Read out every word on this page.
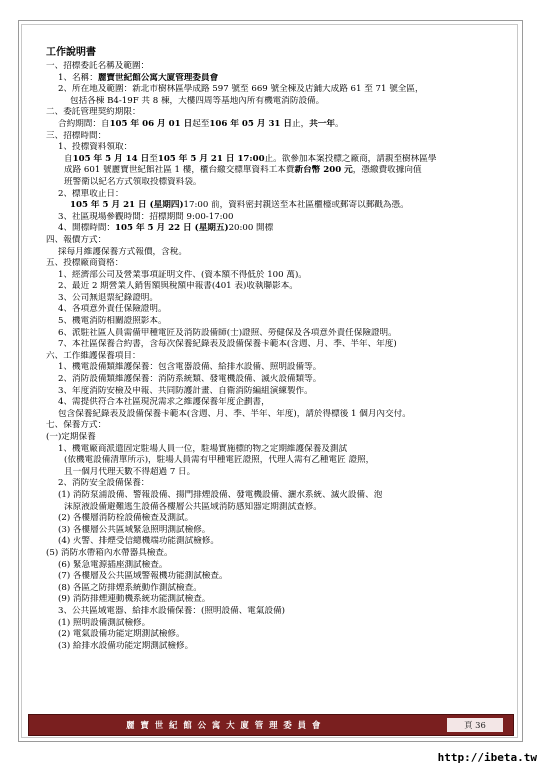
工作說明書
一、招標委託名稱及範圍：
1、名稱：麗寶世紀館公寓大廈管理委員會
2、所在地及範圍：新北市樹林區學成路 597 號至 669 號全棟及店鋪大成路 61 至 71 號全區，
包括各棟 B4-19F 共 8 棟，大樓四周等基地內所有機電消防設備。
二、委託管理契約期限：
合約期間：自105 年 06 月 01 日起至106 年 05 月 31 日止，共一年。
三、招標時間：
1、投標資料領取：
自105 年 5 月 14 日至105 年 5 月 21 日 17:00止。欲參加本案投標之廠商，請親至樹林區學
成路 601 號麗寶世紀館社區 1 樓，櫃台繳交標單資料工本費新台幣 200 元，憑繳費收據向值
班警衛以紀名方式領取投標資料袋。
2、標單收止日：
105 年 5 月 21 日 (星期四)17:00 前，資料密封親送至本社區櫃檯或郵寄以郵戳為憑。
3、社區現場參觀時間：招標期間 9:00-17:00
4、開標時間：105 年 5 月 22 日 (星期五)20:00 開標
四、報價方式：
採每月維護保養方式報價，含稅。
五、投標廠商資格：
1、經濟部公司及營業事項証明文件、(資本額不得低於 100 萬)。
2、最近 2 期營業人銷售額與稅額申報書(401 表)收執聯影本。
3、公司無退票紀錄證明。
4、各項意外責任保險證明。
5、機電消防相關證照影本。
6、派駐社區人員需備甲種電匠及消防設備師(士)證照、勞健保及各項意外責任保險證明。
7、本社區保養合約書，含每次保養紀錄表及設備保養卡範本(含週、月、季、半年、年度)
六、工作維護保養項目：
1、機電設備類維護保養：包含電器設備、給排水設備、照明設備等。
2、消防設備類維護保養：消防系統類、發電機設備、滅火設備類等。
3、年度消防安檢及申報、共同防護計畫、自衛消防編組演練製作。
4、需提供符合本社區現況需求之維護保養年度企劃書，
包含保養紀錄表及設備保養卡範本(含週、月、季、半年、年度)，請於得標後 1 個月內交付。
七、保養方式：
(一)定期保養
1、機電廠商派遣固定駐場人員一位，駐場實施標的物之定期維護保養及測試
(依機電設備清單所示)，駐場人員需有甲種電匠證照，代理人需有乙種電匠 證照，
且一個月代理天數不得超過 7 日。
2、消防安全設備保養：
(1) 消防泵浦設備、警報設備、揚門排煙設備、發電機設備、灑水系統、滅火設備、泡
沫原液設備避難逃生設備各樓層公共區域消防感知器定期測試查修。
(2) 各樓層消防栓設備檢查及測試。
(3) 各樓層公共區域緊急照明測試檢修。
(4) 火警、排煙受信總機端功能測試檢修。
(5) 消防水帶箱內水帶器具檢查。
(6) 緊急電源插座測試檢查。
(7) 各樓層及公共區域警報機功能測試檢查。
(8) 各區之防排煙系統動作測試檢查。
(9) 消防排煙連動機系統功能測試檢查。
3、公共區域電器、給排水設備保養：(照明設備、電氣設備)
(1) 照明設備測試檢修。
(2) 電氣設備功能定期測試檢修。
(3) 給排水設備功能定期測試檢修。
麗 寶 世 紀 館 公 寓 大 廈 管 理 委 員 會	頁 36
http://ibeta.tw
